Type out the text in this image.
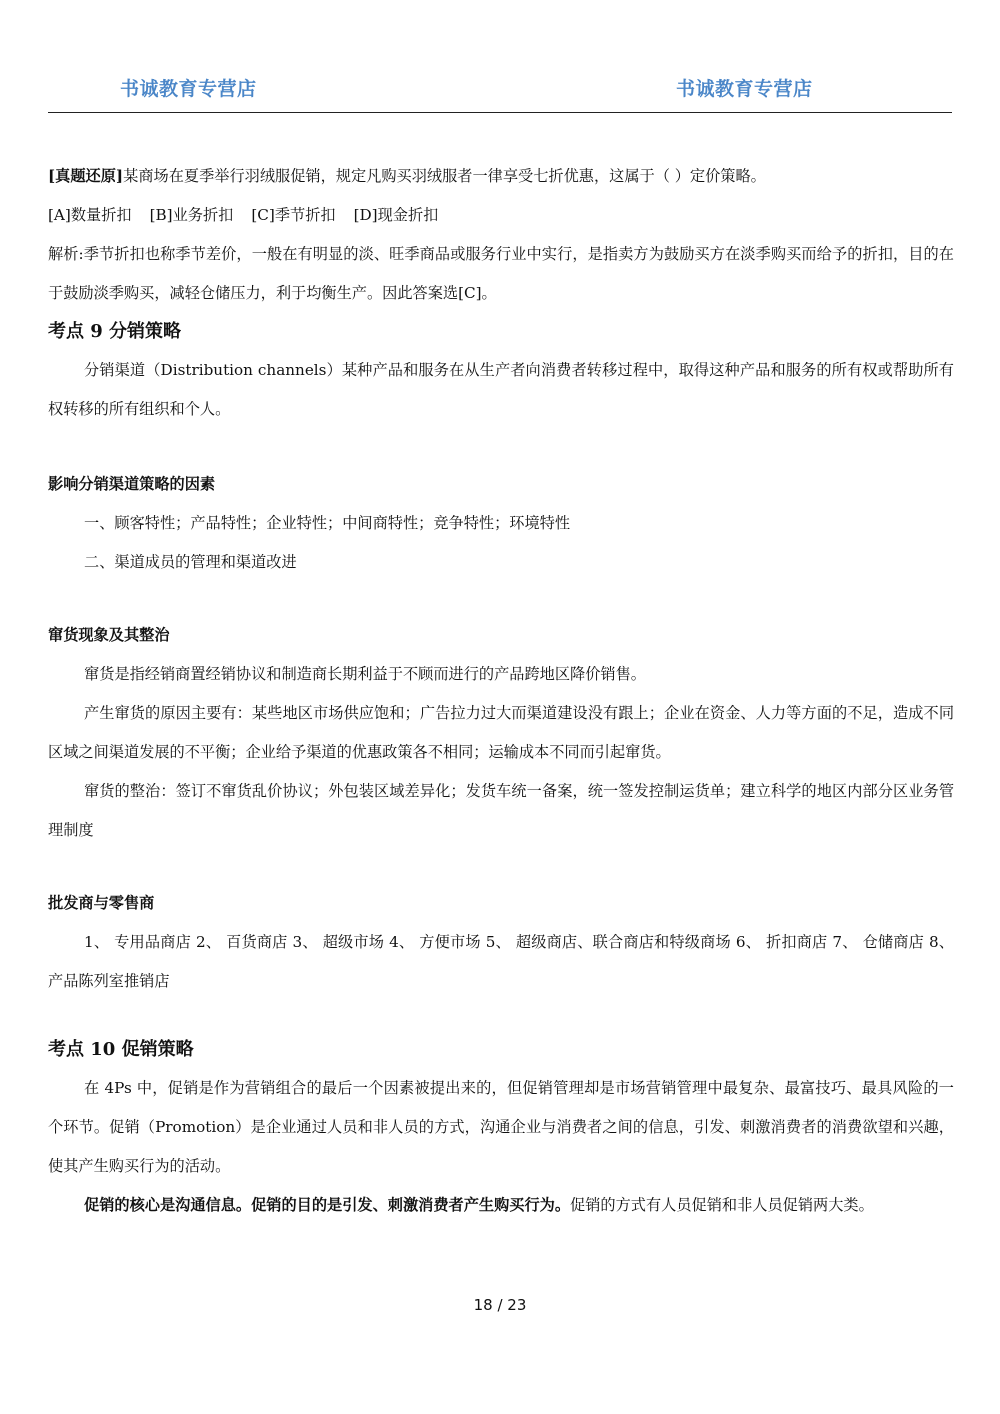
书诚教育专营店	书诚教育专营店

[真题还原]某商场在夏季举行羽绒服促销，规定凡购买羽绒服者一律享受七折优惠，这属于（ ）定价策略。

[A]数量折扣 [B]业务折扣 [C]季节折扣 [D]现金折扣

解析:季节折扣也称季节差价，一般在有明显的淡、旺季商品或服务行业中实行，是指卖方为鼓励买方在淡季购买而给予的折扣，目的在于鼓励淡季购买，减轻仓储压力，利于均衡生产。因此答案选[C]。

考点 9 分销策略

分销渠道（Distribution channels）某种产品和服务在从生产者向消费者转移过程中，取得这种产品和服务的所有权或帮助所有权转移的所有组织和个人。

影响分销渠道策略的因素

一、顾客特性；产品特性；企业特性；中间商特性；竞争特性；环境特性

二、渠道成员的管理和渠道改进

窜货现象及其整治

窜货是指经销商置经销协议和制造商长期利益于不顾而进行的产品跨地区降价销售。

产生窜货的原因主要有：某些地区市场供应饱和；广告拉力过大而渠道建设没有跟上；企业在资金、人力等方面的不足，造成不同区域之间渠道发展的不平衡；企业给予渠道的优惠政策各不相同；运输成本不同而引起窜货。

窜货的整治：签订不窜货乱价协议；外包装区域差异化；发货车统一备案，统一签发控制运货单；建立科学的地区内部分区业务管理制度

批发商与零售商

1、 专用品商店 2、 百货商店 3、 超级市场 4、 方便市场 5、 超级商店、联合商店和特级商场 6、 折扣商店 7、 仓储商店 8、 产品陈列室推销店

考点 10 促销策略

在 4Ps 中，促销是作为营销组合的最后一个因素被提出来的，但促销管理却是市场营销管理中最复杂、最富技巧、最具风险的一个环节。促销（Promotion）是企业通过人员和非人员的方式，沟通企业与消费者之间的信息，引发、刺激消费者的消费欲望和兴趣，使其产生购买行为的活动。

促销的核心是沟通信息。促销的目的是引发、刺激消费者产生购买行为。促销的方式有人员促销和非人员促销两大类。

18 / 23
